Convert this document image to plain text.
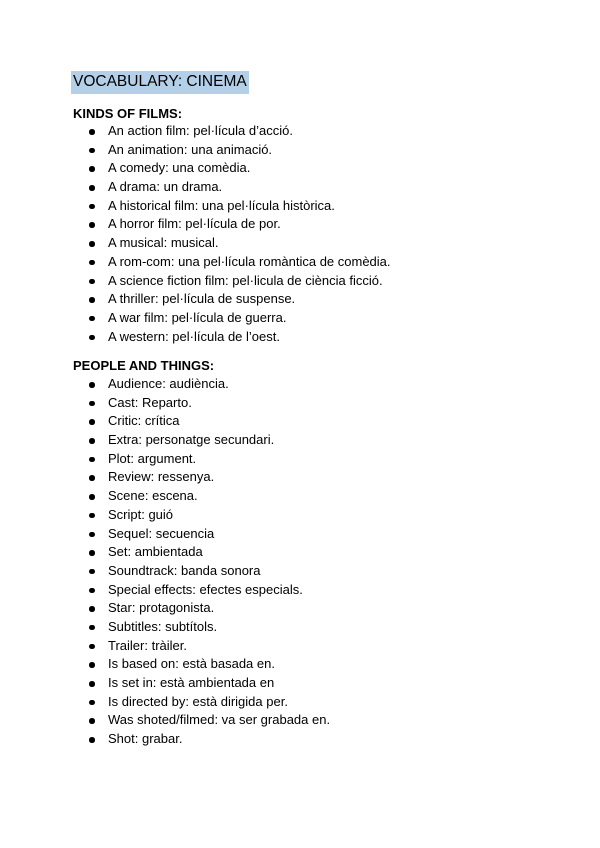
VOCABULARY: CINEMA
KINDS OF FILMS:
An action film: pel·lícula d’acció.
An animation: una animació.
A comedy: una comèdia.
A drama: un drama.
A historical film: una pel·lícula històrica.
A horror film: pel·lícula de por.
A musical: musical.
A rom-com: una pel·lícula romàntica de comèdia.
A science fiction film: pel·licula de ciència ficció.
A thriller: pel·lícula de suspense.
A war film: pel·lícula de guerra.
A western: pel·lícula de l’oest.
PEOPLE AND THINGS:
Audience: audiència.
Cast: Reparto.
Critic: crítica
Extra: personatge secundari.
Plot: argument.
Review: ressenya.
Scene: escena.
Script: guió
Sequel: secuencia
Set: ambientada
Soundtrack: banda sonora
Special effects: efectes especials.
Star: protagonista.
Subtitles: subtítols.
Trailer: tràiler.
Is based on: està basada en.
Is set in: està ambientada en
Is directed by: està dirigida per.
Was shoted/filmed: va ser grabada en.
Shot: grabar.
